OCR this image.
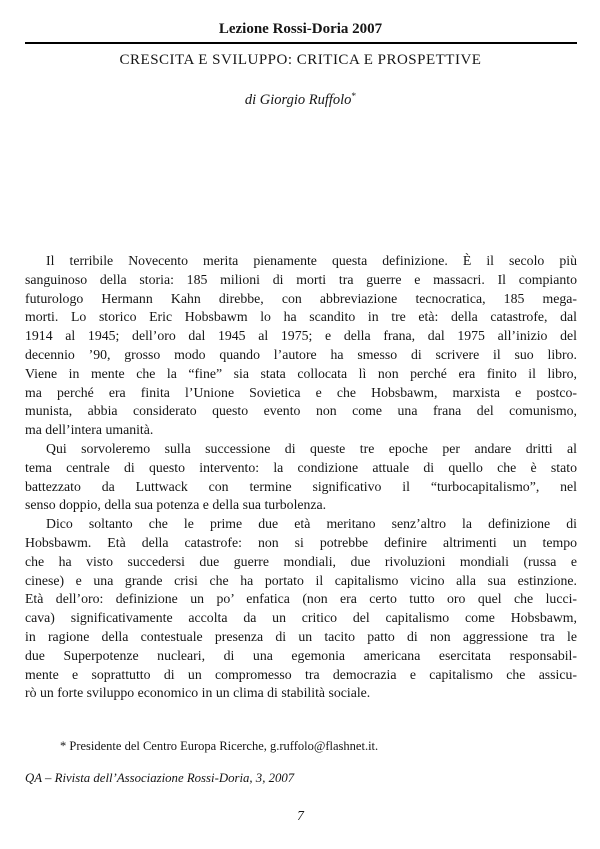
Lezione Rossi-Doria 2007
CRESCITA E SVILUPPO: CRITICA E PROSPETTIVE
di Giorgio Ruffolo*
Il terribile Novecento merita pienamente questa definizione. È il secolo più
sanguinoso della storia: 185 milioni di morti tra guerre e massacri. Il compianto
futurologo Hermann Kahn direbbe, con abbreviazione tecnocratica, 185 mega-
morti. Lo storico Eric Hobsbawm lo ha scandito in tre età: della catastrofe, dal
1914 al 1945; dell’oro dal 1945 al 1975; e della frana, dal 1975 all’inizio del
decennio ’90, grosso modo quando l’autore ha smesso di scrivere il suo libro.
Viene in mente che la “fine” sia stata collocata lì non perché era finito il libro,
ma perché era finita l’Unione Sovietica e che Hobsbawm, marxista e postco-
munista, abbia considerato questo evento non come una frana del comunismo,
ma dell’intera umanità.
Qui sorvoleremo sulla successione di queste tre epoche per andare dritti al
tema centrale di questo intervento: la condizione attuale di quello che è stato
battezzato da Luttwack con termine significativo il “turbocapitalismo”, nel
senso doppio, della sua potenza e della sua turbolenza.
Dico soltanto che le prime due età meritano senz’altro la definizione di
Hobsbawm. Età della catastrofe: non si potrebbe definire altrimenti un tempo
che ha visto succedersi due guerre mondiali, due rivoluzioni mondiali (russa e
cinese) e una grande crisi che ha portato il capitalismo vicino alla sua estinzione.
Età dell’oro: definizione un po’ enfatica (non era certo tutto oro quel che lucci-
cava) significativamente accolta da un critico del capitalismo come Hobsbawm,
in ragione della contestuale presenza di un tacito patto di non aggressione tra le
due Superpotenze nucleari, di una egemonia americana esercitata responsabil-
mente e soprattutto di un compromesso tra democrazia e capitalismo che assicu-
rò un forte sviluppo economico in un clima di stabilità sociale.
* Presidente del Centro Europa Ricerche, g.ruffolo@flashnet.it.
QA – Rivista dell’Associazione Rossi-Doria, 3, 2007
7
